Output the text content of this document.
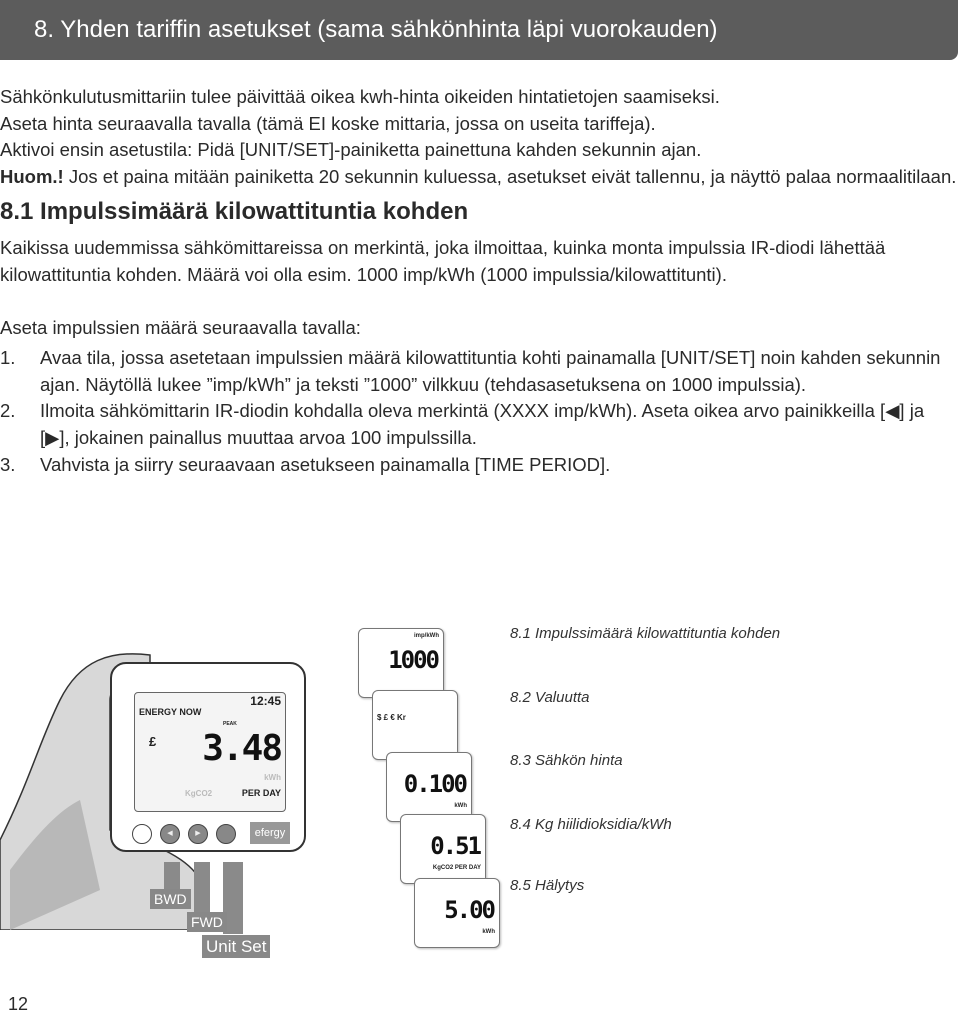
8. Yhden tariffin asetukset (sama sähkönhinta läpi vuorokauden)
Sähkönkulutusmittariin tulee päivittää oikea kwh-hinta oikeiden hintatietojen saamiseksi.
Aseta hinta seuraavalla tavalla (tämä EI koske mittaria, jossa on useita tariffeja).
Aktivoi ensin asetustila: Pidä [UNIT/SET]-painiketta painettuna kahden sekunnin ajan.
Huom.! Jos et paina mitään painiketta 20 sekunnin kuluessa, asetukset eivät tallennu, ja näyttö palaa normaalitilaan.
8.1 Impulssimäärä kilowattituntia kohden
Kaikissa uudemmissa sähkömittareissa on merkintä, joka ilmoittaa, kuinka monta impulssia IR-diodi lähettää kilowattituntia kohden. Määrä voi olla esim. 1000 imp/kWh (1000 impulssia/kilowattitunti).
Aseta impulssien määrä seuraavalla tavalla:
1.	Avaa tila, jossa asetetaan impulssien määrä kilowattituntia kohti painamalla [UNIT/SET] noin kahden sekunnin ajan. Näytöllä lukee ”imp/kWh” ja teksti ”1000” vilkkuu (tehdasasetuksena on 1000 impulssia).
2.	Ilmoita sähkömittarin IR-diodin kohdalla oleva merkintä (XXXX imp/kWh). Aseta oikea arvo painikkeilla [◀] ja [▶], jokainen painallus muuttaa arvoa 100 impulssilla.
3.	Vahvista ja siirry seuraavaan asetukseen painamalla [TIME PERIOD].
ENERGY NOW
12:45
PEAK
£ 3.48
kWh
KgCO2	PER DAY
◀	▶	efergy
BWD
FWD
Unit Set
1000
imp/kWh
$ £ € Kr
0.100
kWh
0.51
KgCO2 PER DAY
5.00
kWh
8.1 Impulssimäärä kilowattituntia kohden
8.2 Valuutta
8.3 Sähkön hinta
8.4 Kg hiilidioksidia/kWh
8.5 Hälytys
12
